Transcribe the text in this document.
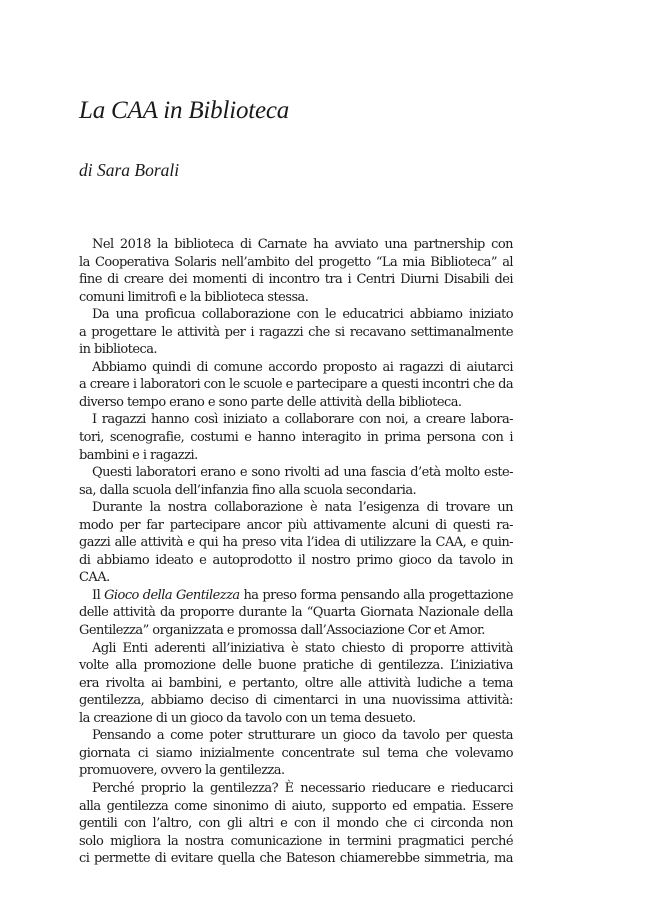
La CAA in Biblioteca

di Sara Borali

Nel 2018 la biblioteca di Carnate ha avviato una partnership con
la Cooperativa Solaris nell’ambito del progetto “La mia Biblioteca” al
fine di creare dei momenti di incontro tra i Centri Diurni Disabili dei
comuni limitrofi e la biblioteca stessa.

Da una proficua collaborazione con le educatrici abbiamo iniziato
a progettare le attività per i ragazzi che si recavano settimanalmente
in biblioteca.

Abbiamo quindi di comune accordo proposto ai ragazzi di aiutarci
a creare i laboratori con le scuole e partecipare a questi incontri che da
diverso tempo erano e sono parte delle attività della biblioteca.

I ragazzi hanno così iniziato a collaborare con noi, a creare labora-
tori, scenografie, costumi e hanno interagito in prima persona con i
bambini e i ragazzi.

Questi laboratori erano e sono rivolti ad una fascia d’età molto este-
sa, dalla scuola dell’infanzia fino alla scuola secondaria.

Durante la nostra collaborazione è nata l’esigenza di trovare un
modo per far partecipare ancor più attivamente alcuni di questi ra-
gazzi alle attività e qui ha preso vita l’idea di utilizzare la CAA, e quin-
di abbiamo ideato e autoprodotto il nostro primo gioco da tavolo in
CAA.

Il Gioco della Gentilezza ha preso forma pensando alla progettazione
delle attività da proporre durante la “Quarta Giornata Nazionale della
Gentilezza” organizzata e promossa dall’Associazione Cor et Amor.

Agli Enti aderenti all’iniziativa è stato chiesto di proporre attività
volte alla promozione delle buone pratiche di gentilezza. L’iniziativa
era rivolta ai bambini, e pertanto, oltre alle attività ludiche a tema
gentilezza, abbiamo deciso di cimentarci in una nuovissima attività:
la creazione di un gioco da tavolo con un tema desueto.

Pensando a come poter strutturare un gioco da tavolo per questa
giornata ci siamo inizialmente concentrate sul tema che volevamo
promuovere, ovvero la gentilezza.

Perché proprio la gentilezza? È necessario rieducare e rieducarci
alla gentilezza come sinonimo di aiuto, supporto ed empatia. Essere
gentili con l’altro, con gli altri e con il mondo che ci circonda non
solo migliora la nostra comunicazione in termini pragmatici perché
ci permette di evitare quella che Bateson chiamerebbe simmetria, ma
